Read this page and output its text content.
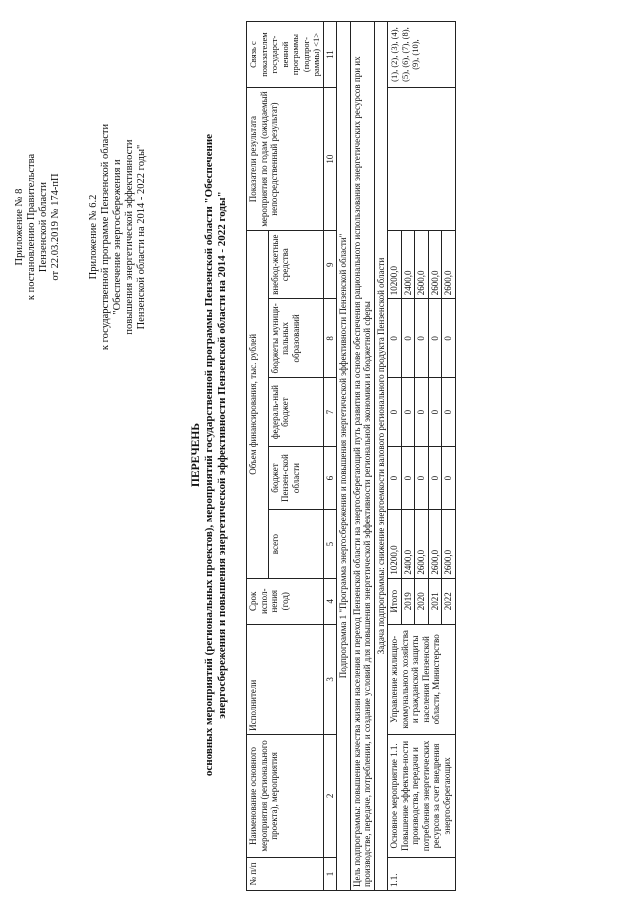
Приложение № 8 к постановлению Правительства Пензенской области от 22.03.2019 № 174-пП	Приложение № 6.2 к государственной программе Пензенской области "Обеспечение энергосбережения и повышения энергетической эффективности Пензенской области на 2014 - 2022 годы"
ПЕРЕЧЕНЬ основных мероприятий (региональных проектов), мероприятий государственной программы Пензенской области "Обеспечение энергосбережения и повышения энергетической эффективности Пензенской области на 2014 - 2022 годы"
№ п/п	Наименование основного мероприятия (регионального проекта), мероприятия	Исполнители	Срок испол-нения (год)	Объем финансирования, тыс. рублей					Показатели результата мероприятия по годам (ожидаемый непосредственный результат)	Связь с показателем государст-венной программы (подпрог-раммы) <1>
				всего	бюджет Пензен-ской области	федераль-ный бюджет	бюджеты муници-пальных образований	внебюд-жетные средства		
1	2	3	4	5	6	7	8	9	10	11
Подпрограмма 1 "Программа энергосбережения и повышения энергетической эффективности Пензенской области"										
Цель подпрограммы: повышение качества жизни населения и переход Пензенской области на энергосберегающий путь развития на основе обеспечения рационального использования энергетических ресурсов при их производстве, передаче, потреблении, и создание условий для повышения энергетической эффективности региональной экономики и бюджетной сферы										
Задача подпрограммы: снижение энергоемкости валового регионального продукта Пензенской области										
1.1.	Основное мероприятие 1.1. Повышение эффектив-ности производства, передачи и потребления энергетических ресурсов за счет внедрения энергосберегающих	Управление жилищно-коммунального хозяйства и гражданской защиты населения Пензенской области, Министерство	Итого	10200,0	0	0	0	10200,0		(1), (2), (3), (4), (5), (6), (7), (8), (9), (10),
			2019	2400,0	0	0	0	2400,0		
			2020	2600,0	0	0	0	2600,0		
			2021	2600,0	0	0	0	2600,0		
			2022	2600,0	0	0	0	2600,0		
